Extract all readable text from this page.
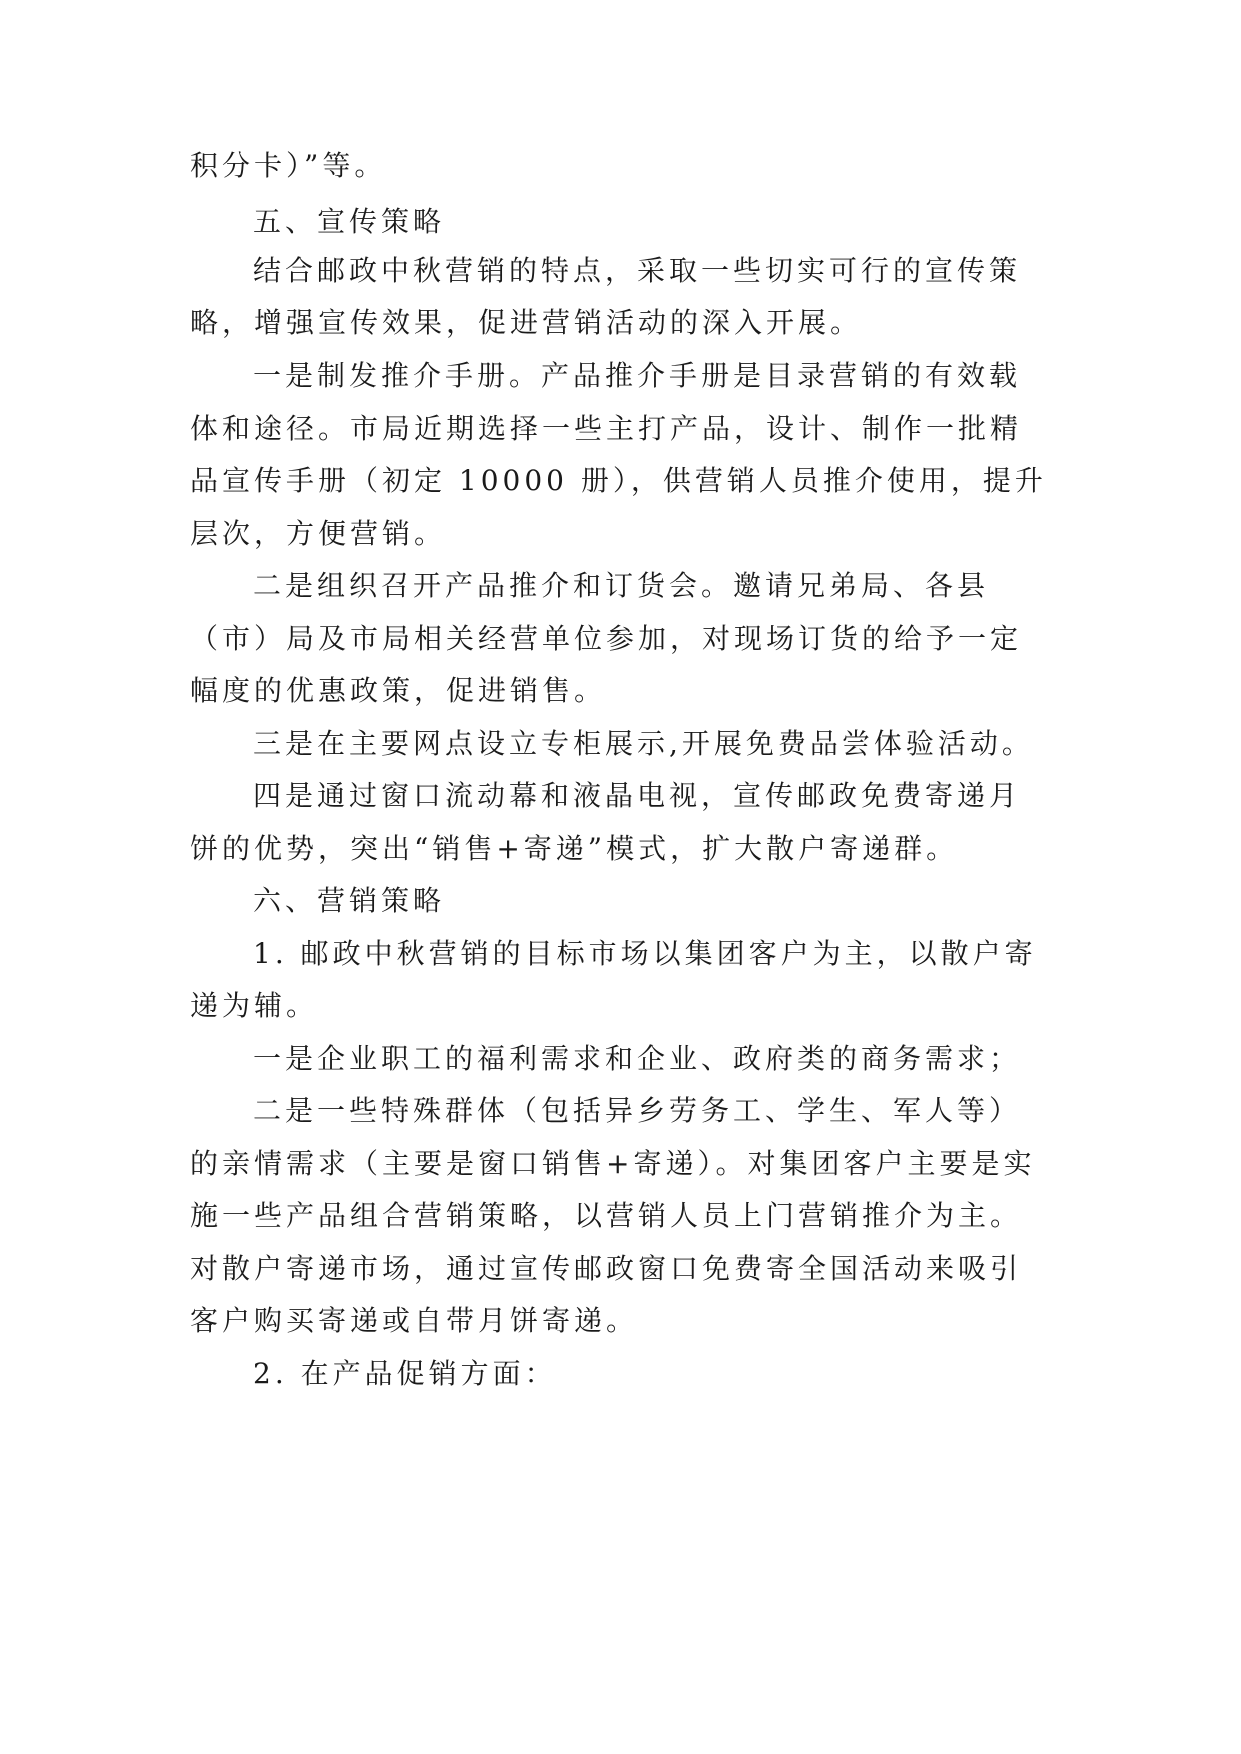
积分卡）”等。
五、宣传策略
结合邮政中秋营销的特点，采取一些切实可行的宣传策
略，增强宣传效果，促进营销活动的深入开展。
一是制发推介手册。产品推介手册是目录营销的有效载
体和途径。市局近期选择一些主打产品，设计、制作一批精
品宣传手册（初定 10000 册），供营销人员推介使用，提升
层次，方便营销。
二是组织召开产品推介和订货会。邀请兄弟局、各县
（市）局及市局相关经营单位参加，对现场订货的给予一定
幅度的优惠政策，促进销售。
三是在主要网点设立专柜展示,开展免费品尝体验活动。
四是通过窗口流动幕和液晶电视，宣传邮政免费寄递月
饼的优势，突出“销售+寄递”模式，扩大散户寄递群。
六、营销策略
1. 邮政中秋营销的目标市场以集团客户为主，以散户寄
递为辅。
一是企业职工的福利需求和企业、政府类的商务需求；
二是一些特殊群体（包括异乡劳务工、学生、军人等）
的亲情需求（主要是窗口销售+寄递）。对集团客户主要是实
施一些产品组合营销策略，以营销人员上门营销推介为主。
对散户寄递市场，通过宣传邮政窗口免费寄全国活动来吸引
客户购买寄递或自带月饼寄递。
2. 在产品促销方面：
